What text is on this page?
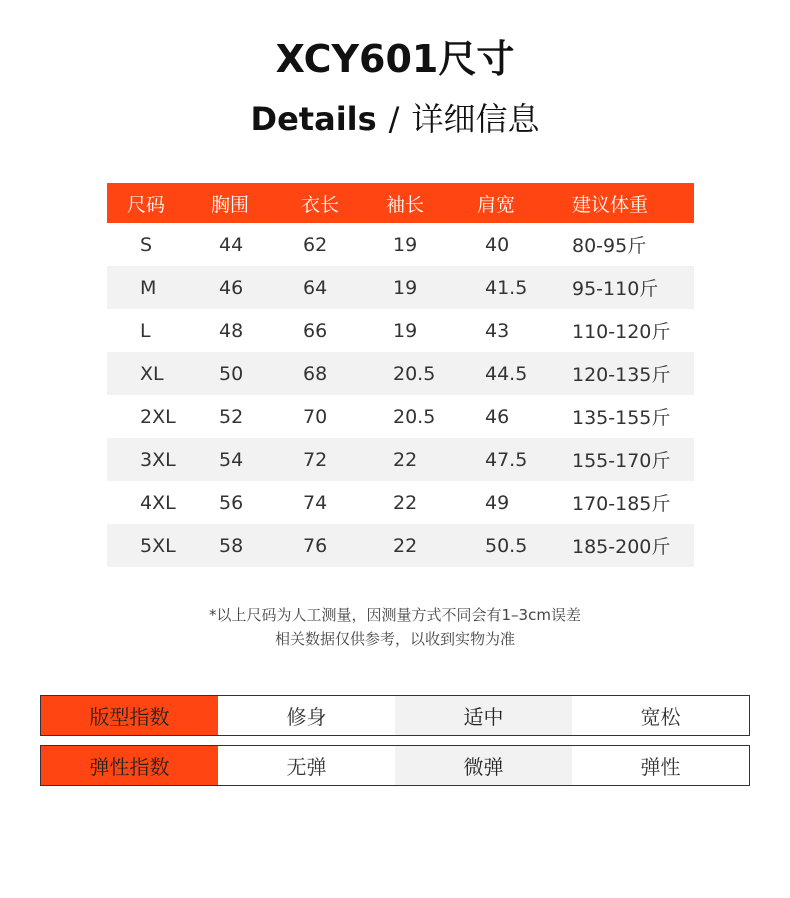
XCY601尺寸
Details / 详细信息
尺码	胸围	衣长	袖长	肩宽	建议体重
S	44	62	19	40	80-95斤
M	46	64	19	41.5	95-110斤
L	48	66	19	43	110-120斤
XL	50	68	20.5	44.5	120-135斤
2XL	52	70	20.5	46	135-155斤
3XL	54	72	22	47.5	155-170斤
4XL	56	74	22	49	170-185斤
5XL	58	76	22	50.5	185-200斤
*以上尺码为人工测量，因测量方式不同会有1–3cm误差
相关数据仅供参考，以收到实物为准
版型指数	修身	适中	宽松
弹性指数	无弹	微弹	弹性
